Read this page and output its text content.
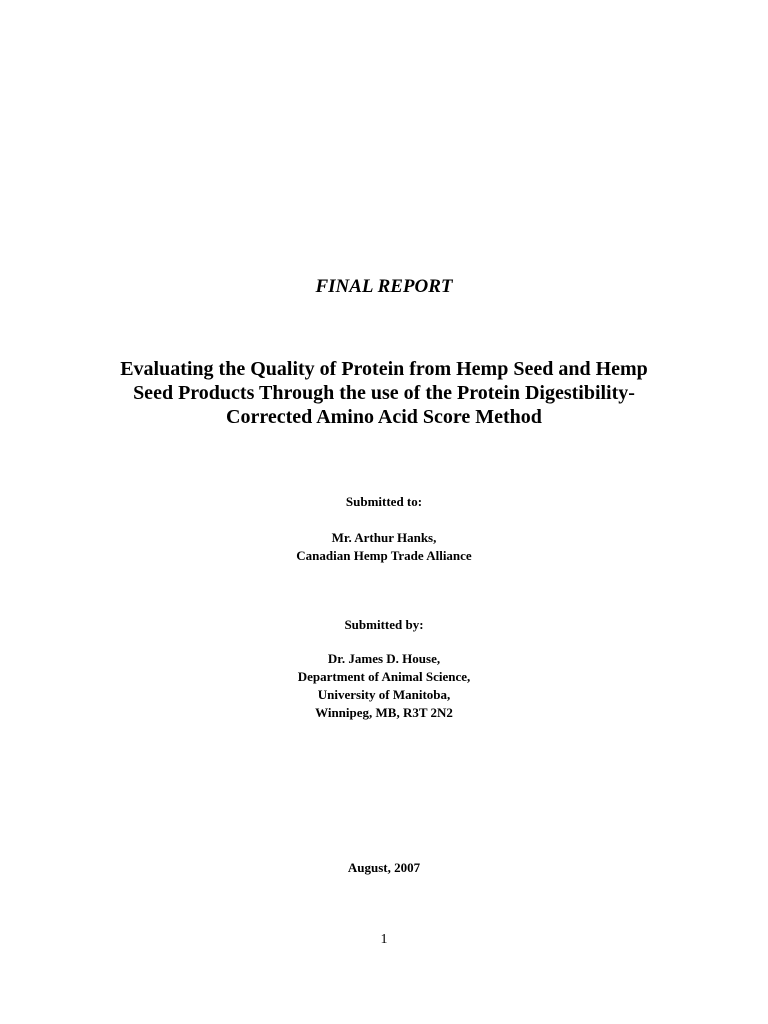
FINAL REPORT

Evaluating the Quality of Protein from Hemp Seed and Hemp

Seed Products Through the use of the Protein Digestibility-

Corrected Amino Acid Score Method

Submitted to:

Mr. Arthur Hanks,

Canadian Hemp Trade Alliance

Submitted by:

Dr. James D. House,

Department of Animal Science,

University of Manitoba,

Winnipeg, MB, R3T 2N2

August, 2007

1
